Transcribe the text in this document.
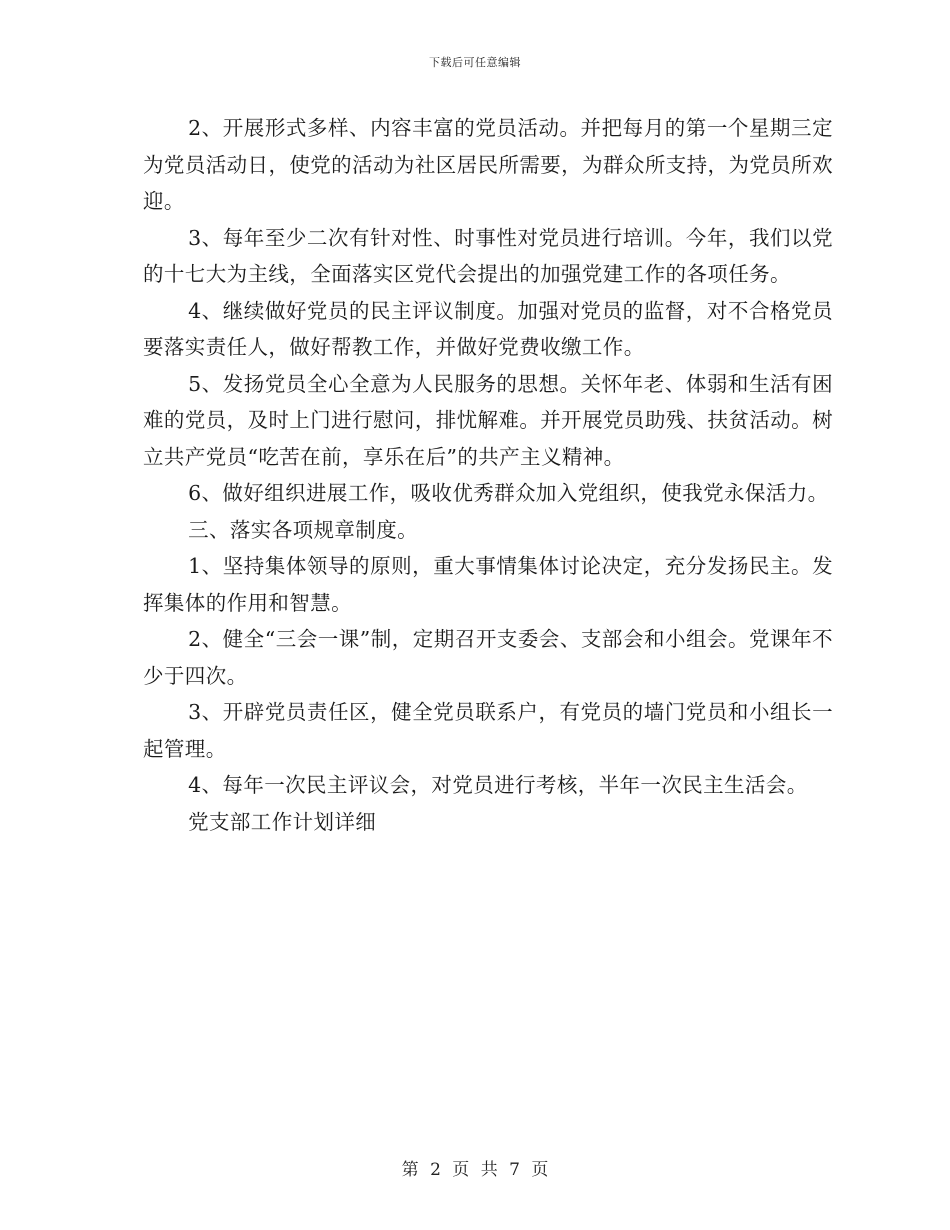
下载后可任意编辑

2、开展形式多样、内容丰富的党员活动。并把每月的第一个星期三定为党员活动日，使党的活动为社区居民所需要，为群众所支持，为党员所欢迎。

3、每年至少二次有针对性、时事性对党员进行培训。今年，我们以党的十七大为主线，全面落实区党代会提出的加强党建工作的各项任务。

4、继续做好党员的民主评议制度。加强对党员的监督，对不合格党员要落实责任人，做好帮教工作，并做好党费收缴工作。

5、发扬党员全心全意为人民服务的思想。关怀年老、体弱和生活有困难的党员，及时上门进行慰问，排忧解难。并开展党员助残、扶贫活动。树立共产党员“吃苦在前，享乐在后”的共产主义精神。

6、做好组织进展工作，吸收优秀群众加入党组织，使我党永保活力。

三、落实各项规章制度。

1、坚持集体领导的原则，重大事情集体讨论决定，充分发扬民主。发挥集体的作用和智慧。

2、健全“三会一课”制，定期召开支委会、支部会和小组会。党课年不少于四次。

3、开辟党员责任区，健全党员联系户，有党员的墙门党员和小组长一起管理。

4、每年一次民主评议会，对党员进行考核，半年一次民主生活会。

党支部工作计划详细

第 2 页 共 7 页
